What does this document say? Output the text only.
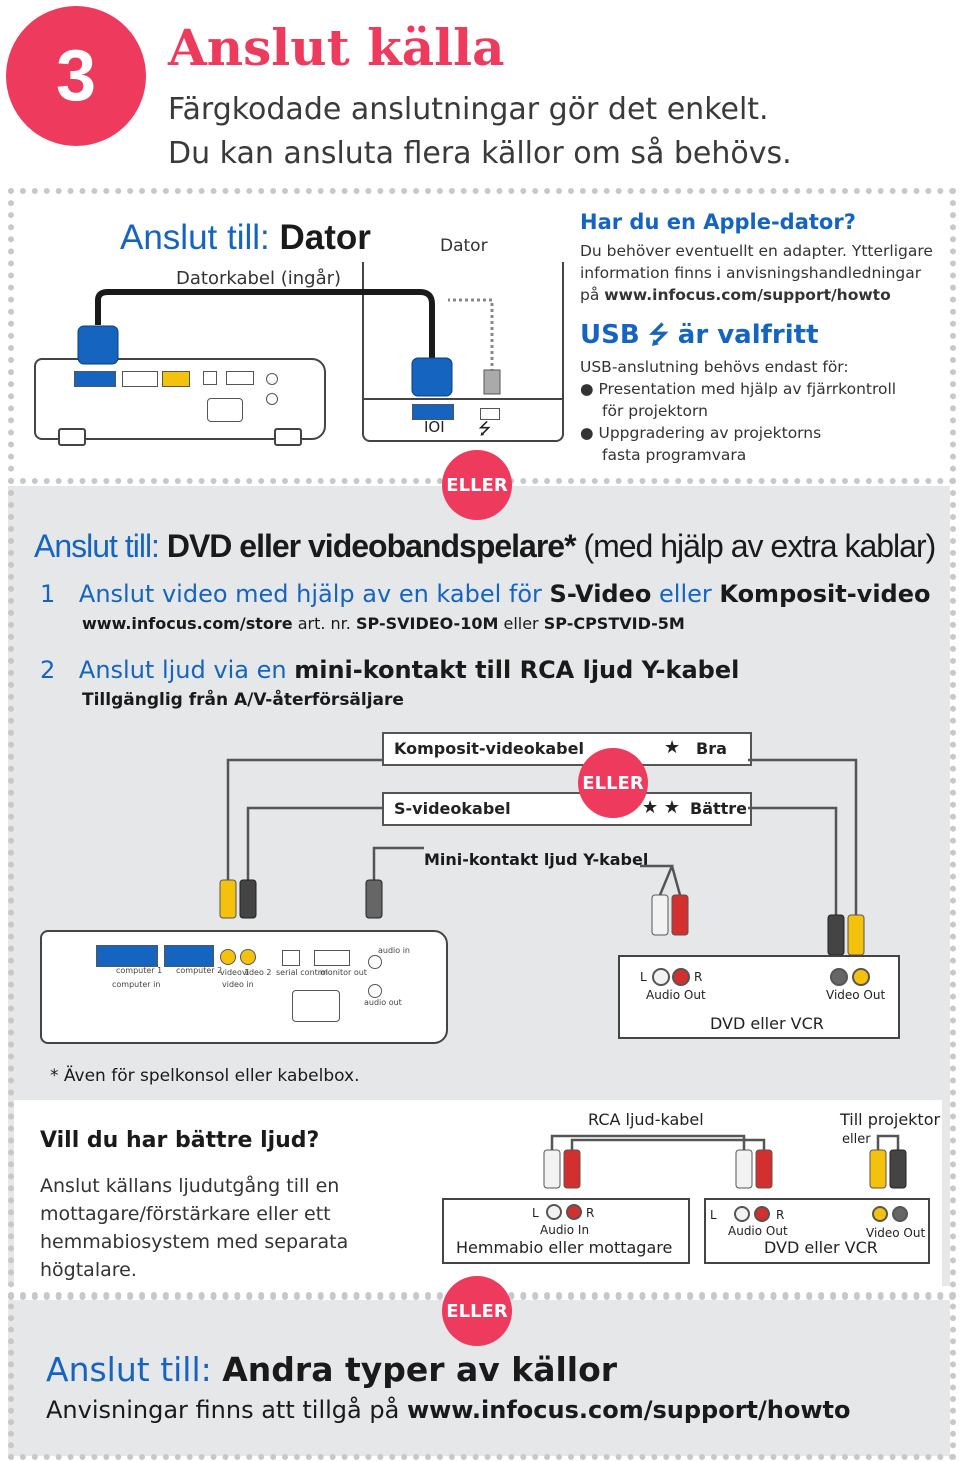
3	Anslut källa
Färgkodade anslutningar gör det enkelt.
Du kan ansluta flera källor om så behövs.
Anslut till: Dator
Datorkabel (ingår)
Dator
IOI ⭍
Har du en Apple-dator?
Du behöver eventuellt en adapter. Ytterligare
information finns i anvisningshandledningar
på www.infocus.com/support/howto
USB ⭍ är valfritt
USB-anslutning behövs endast för:
● Presentation med hjälp av fjärrkontroll
för projektorn
● Uppgradering av projektorns
fasta programvara
ELLER
Anslut till: DVD eller videobandspelare* (med hjälp av extra kablar)
1 Anslut video med hjälp av en kabel för S-Video eller Komposit-video
www.infocus.com/store art. nr. SP-SVIDEO-10M eller SP-CPSTVID-5M
2 Anslut ljud via en mini-kontakt till RCA ljud Y-kabel
Tillgänglig från A/V-återförsäljare
Komposit-videokabel	★ Bra
S-videokabel	★ ★ Bättre
ELLER
Mini-kontakt ljud Y-kabel
computer 1 computer 2
computer in
video 1
video 2
video in
serial control
monitor out
audio in
audio out
L	R
Audio Out	Video Out
DVD eller VCR
* Även för spelkonsol eller kabelbox.
Vill du har bättre ljud?
Anslut källans ljudutgång till en
mottagare/förstärkare eller ett
hemmabiosystem med separata
högtalare.
RCA ljud-kabel	Till projektor
eller
L	R
Audio In
Hemmabio eller mottagare
L	R
Audio Out	Video Out
DVD eller VCR
ELLER
Anslut till: Andra typer av källor
Anvisningar finns att tillgå på www.infocus.com/support/howto
